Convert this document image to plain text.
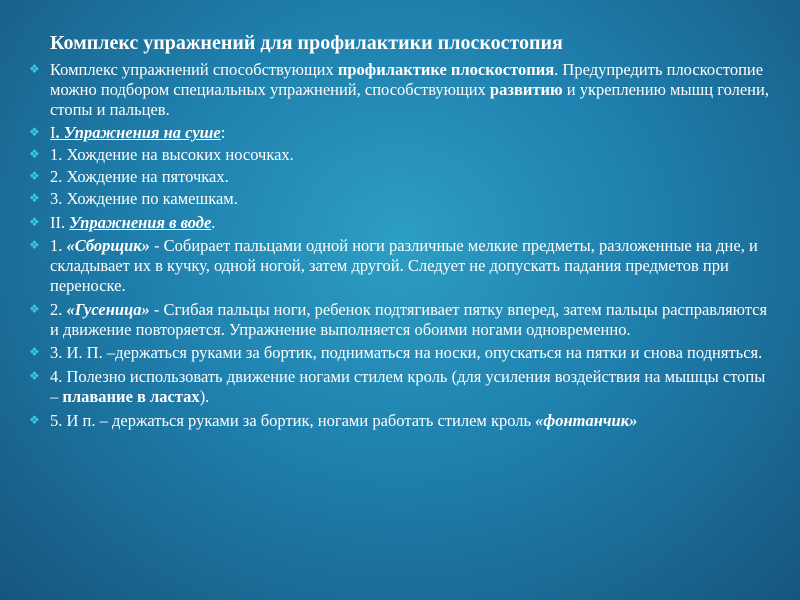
Комплекс упражнений для профилактики плоскостопия
❖ Комплекс упражнений способствующих профилактике плоскостопия. Предупредить плоскостопие можно подбором специальных упражнений, способствующих развитию и укреплению мышц голени, стопы и пальцев.
❖ I. Упражнения на суше:
❖ 1. Хождение на высоких носочках.
❖ 2. Хождение на пяточках.
❖ 3. Хождение по камешкам.
❖ II. Упражнения в воде.
❖ 1. «Сборщик» - Собирает пальцами одной ноги различные мелкие предметы, разложенные на дне, и складывает их в кучку, одной ногой, затем другой. Следует не допускать падания предметов при переноске.
❖ 2. «Гусеница» - Сгибая пальцы ноги, ребенок подтягивает пятку вперед, затем пальцы расправляются и движение повторяется. Упражнение выполняется обоими ногами одновременно.
❖ 3. И. П. –держаться руками за бортик, подниматься на носки, опускаться на пятки и снова подняться.
❖ 4. Полезно использовать движение ногами стилем кроль (для усиления воздействия на мышцы стопы – плавание в ластах).
❖ 5. И п. – держаться руками за бортик, ногами работать стилем кроль «фонтанчик»
